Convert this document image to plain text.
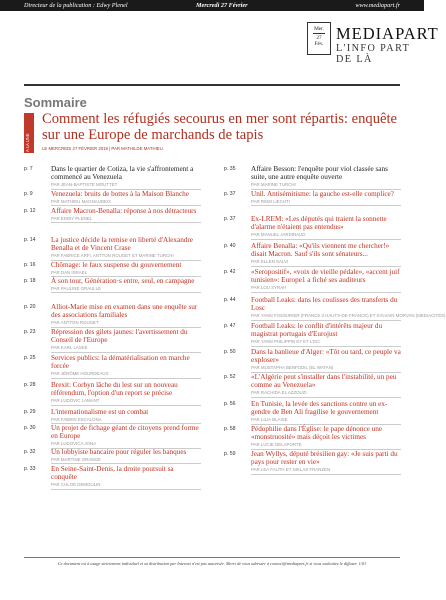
Directeur de la publication : Edwy Plenel	Mercredi 27 Février	www.mediapart.fr
Mer.
27
Fév.
MEDIAPART
L'INFO PART DE LÀ
Sommaire
A LA UNE
Comment les réfugiés secourus en mer sont répartis: enquête sur une Europe de marchands de tapis
LE MERCREDI 27 FÉVRIER 2019 | PAR MATHILDE MATHIEU
p. 7	Dans le quartier de Cotiza, la vie s'affrontement a commencé au Venezuela
PAR JEAN-BAPTISTE MOUTTET
p. 9	Venezuela: bruits de bottes à la Maison Blanche
PAR MATHIEU MAGNAUDEIX
p. 12 Affaire Macron-Benalla: réponse à nos détracteurs
PAR EDWY PLENEL
p. 14 La justice décide la remise en liberté d'Alexandre Benalla et de Vincent Crase
PAR FABRICE ARFI, ANTTON ROUGET ET MARINE TURCHI
p. 16 Chômage: le faux suspense du gouvernement
PAR DAN ISRAEL
p. 18 À son tour, Génération·s entre, seul, en campagne
PAR PAULINE GRAULLE
p. 20 Alliot-Marie mise en examen dans une enquête sur des associations familiales
PAR ANTTON ROUGET
p. 23 Répression des gilets jaunes: l'avertissement du Conseil de l'Europe
PAR KARL LASKE
p. 25 Services publics: la dématérialisation en marche forcée
PAR JÉRÔME HOURDEAUX
p. 28 Brexit: Corbyn lâche du lest sur un nouveau référendum, l'option d'un report se précise
PAR LUDOVIC LAMANT
p. 29 L'internationalisme est un combat
PAR FABIEN ESCALONA
p. 30 Un projet de fichage géant de citoyens prend forme en Europe
PAR LUDOVICA JONA
p. 32 Un lobbyiste bancaire pour réguler les banques
PAR MARTINE ORANGE
p. 33 En Seine-Saint-Denis, la droite poursuit sa conquête
PAR CHLOÉ DEMOULIN
p. 35 Affaire Besson: l'enquête pour viol classée sans suite, une autre enquête ouverte
PAR MARINE TURCHI
p. 37 Unil. Antisémitisme: la gauche est-elle complice?
PAR RÉMI LIECHTI
p. 37 Ex-LREM: «Les députés qui traient la sonnette d'alarme n'étaient pas entendus»
PAR MANUEL JARDINAUD
p. 40 Affaire Benalla: «Qu'ils viennent me chercher!» disait Macron. Sauf s'ils sont sénateurs...
PAR ELLEN SALVI
p. 42 «Seropositif», «voix de vieille pédale», «accent juif tunisien»: Europe1 a fiché ses auditeurs
PAR LOU SYRAH
p. 44 Football Leaks: dans les coulisses des transferts du Losc
PAR YANN FOSSURIER (FRANCE 3 HAUTS-DE-FRANCE) ET SYLVAIN MORVAN (MEDIACITÉS)
p. 47 Football Leaks: le conflit d'intérêts majeur du magistrat portugais d'Eurojust
PAR YANN PHILIPPIN ET ET L'EIC
p. 50 Dans la banlieue d'Alger: «Tôt ou tard, ce peuple va exploser»
PAR MUSTAPHA BENFODIL (EL WATAN)
p. 52 «L'Algérie peut s'installer dans l'instabilité, un peu comme au Venezuela»
PAR RACHIDA EL AZZOUZI
p. 56 En Tunisie, la levée des sanctions contre un ex-gendre de Ben Ali fragilise le gouvernement
PAR LILIA BLAISE
p. 58 Pédophilie dans l'Église: le pape dénonce une «monstruosité» mais déçoit les victimes
PAR LUCIE DELAPORTE
p. 59 Jean Wyllys, député brésilien gay: «Je suis parti du pays pour rester en vie»
PAR LEA FAUTH ET NIKLAS FRANZEN
Ce document est à usage strictement individuel et sa distribution par Internet n'est pas autorisée. Merci de vous adresser à contact@mediapart.fr si vous souhaitez le diffuser. 1/01
